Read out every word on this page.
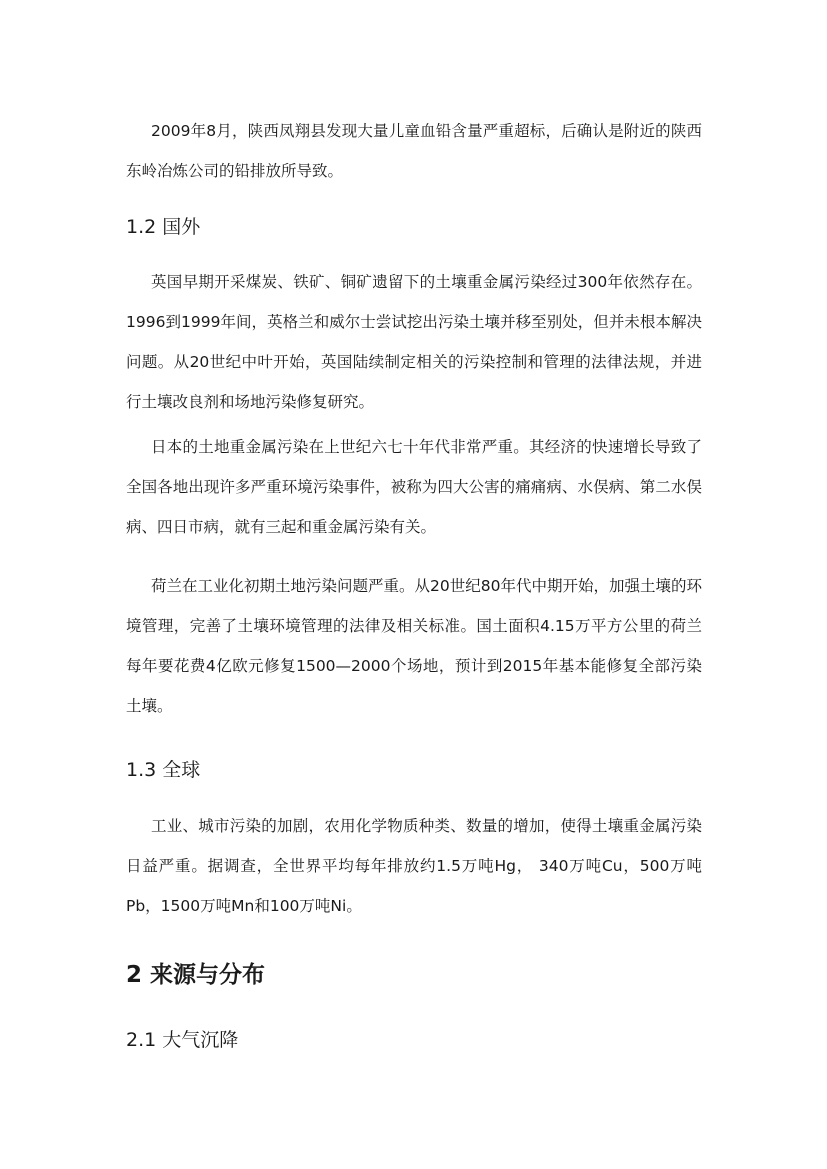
2009年8月，陕西凤翔县发现大量儿童血铅含量严重超标，后确认是附近的陕西东岭冶炼公司的铅排放所导致。

1.2 国外

英国早期开采煤炭、铁矿、铜矿遗留下的土壤重金属污染经过300年依然存在。1996到1999年间，英格兰和威尔士尝试挖出污染土壤并移至别处，但并未根本解决问题。从20世纪中叶开始，英国陆续制定相关的污染控制和管理的法律法规，并进行土壤改良剂和场地污染修复研究。

日本的土地重金属污染在上世纪六七十年代非常严重。其经济的快速增长导致了全国各地出现许多严重环境污染事件，被称为四大公害的痛痛病、水俣病、第二水俣病、四日市病，就有三起和重金属污染有关。

荷兰在工业化初期土地污染问题严重。从20世纪80年代中期开始，加强土壤的环境管理，完善了土壤环境管理的法律及相关标准。国土面积4.15万平方公里的荷兰每年要花费4亿欧元修复1500—2000个场地，预计到2015年基本能修复全部污染土壤。

1.3 全球

工业、城市污染的加剧，农用化学物质种类、数量的增加，使得土壤重金属污染日益严重。据调查，全世界平均每年排放约1.5万吨Hg， 340万吨Cu，500万吨Pb，1500万吨Mn和100万吨Ni。

2 来源与分布
2.1 大气沉降
